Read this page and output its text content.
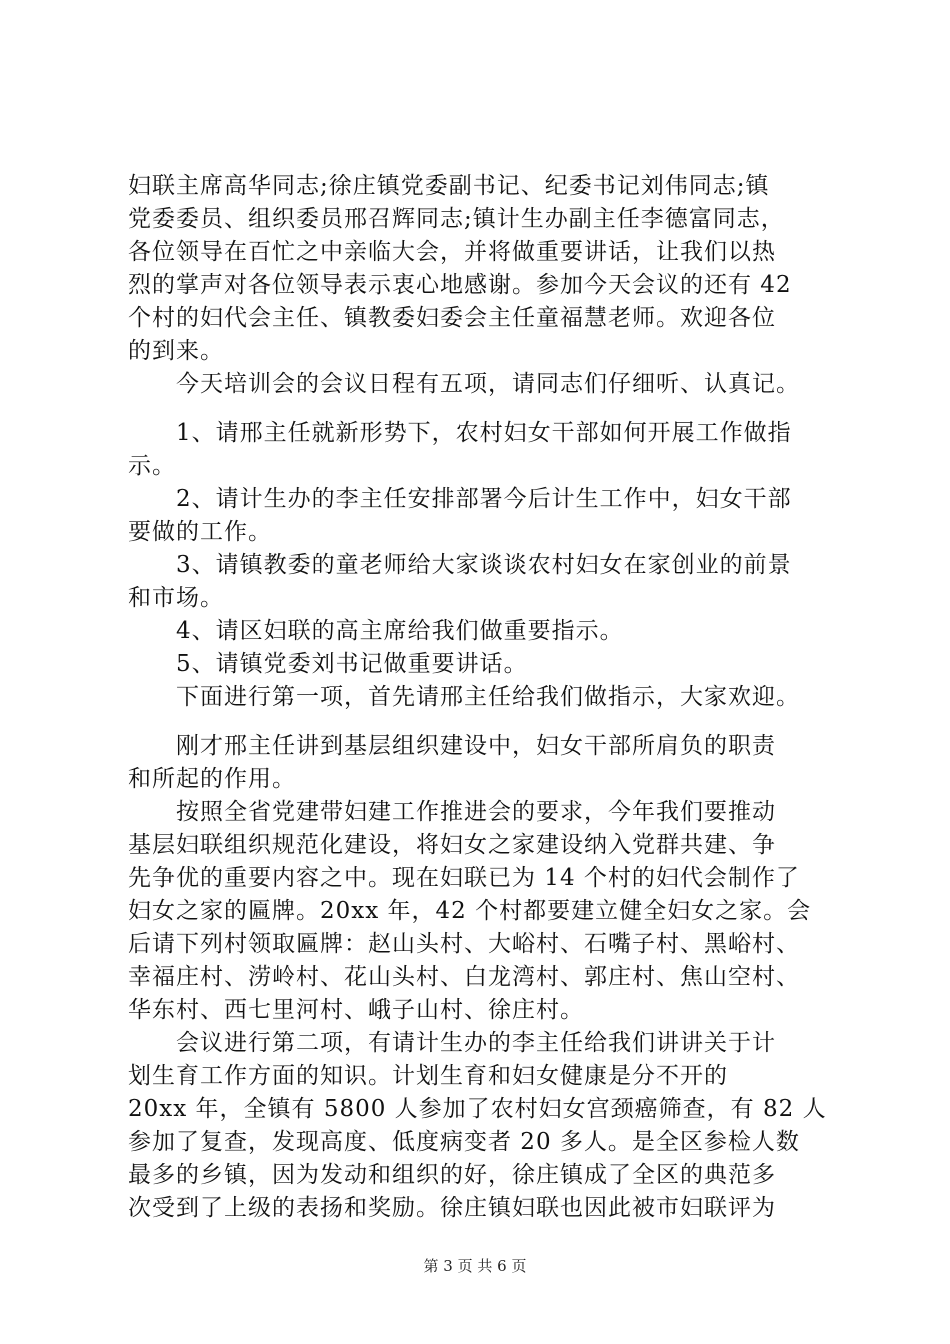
妇联主席高华同志;徐庄镇党委副书记、纪委书记刘伟同志;镇
党委委员、组织委员邢召辉同志;镇计生办副主任李德富同志，
各位领导在百忙之中亲临大会，并将做重要讲话，让我们以热
烈的掌声对各位领导表示衷心地感谢。参加今天会议的还有 42
个村的妇代会主任、镇教委妇委会主任童福慧老师。欢迎各位
的到来。
　　今天培训会的会议日程有五项，请同志们仔细听、认真记。
　　1、请邢主任就新形势下，农村妇女干部如何开展工作做指
示。
　　2、请计生办的李主任安排部署今后计生工作中，妇女干部
要做的工作。
　　3、请镇教委的童老师给大家谈谈农村妇女在家创业的前景
和市场。
　　4、请区妇联的高主席给我们做重要指示。
　　5、请镇党委刘书记做重要讲话。
　　下面进行第一项，首先请邢主任给我们做指示，大家欢迎。
　　刚才邢主任讲到基层组织建设中，妇女干部所肩负的职责
和所起的作用。
　　按照全省党建带妇建工作推进会的要求，今年我们要推动
基层妇联组织规范化建设，将妇女之家建设纳入党群共建、争
先争优的重要内容之中。现在妇联已为 14 个村的妇代会制作了
妇女之家的匾牌。20xx 年，42 个村都要建立健全妇女之家。会
后请下列村领取匾牌：赵山头村、大峪村、石嘴子村、黑峪村、
幸福庄村、涝岭村、花山头村、白龙湾村、郭庄村、焦山空村、
华东村、西七里河村、峨子山村、徐庄村。
　　会议进行第二项，有请计生办的李主任给我们讲讲关于计
划生育工作方面的知识。计划生育和妇女健康是分不开的
20xx 年，全镇有 5800 人参加了农村妇女宫颈癌筛查，有 82 人
参加了复查，发现高度、低度病变者 20 多人。是全区参检人数
最多的乡镇，因为发动和组织的好，徐庄镇成了全区的典范多
次受到了上级的表扬和奖励。徐庄镇妇联也因此被市妇联评为
第 3 页 共 6 页
